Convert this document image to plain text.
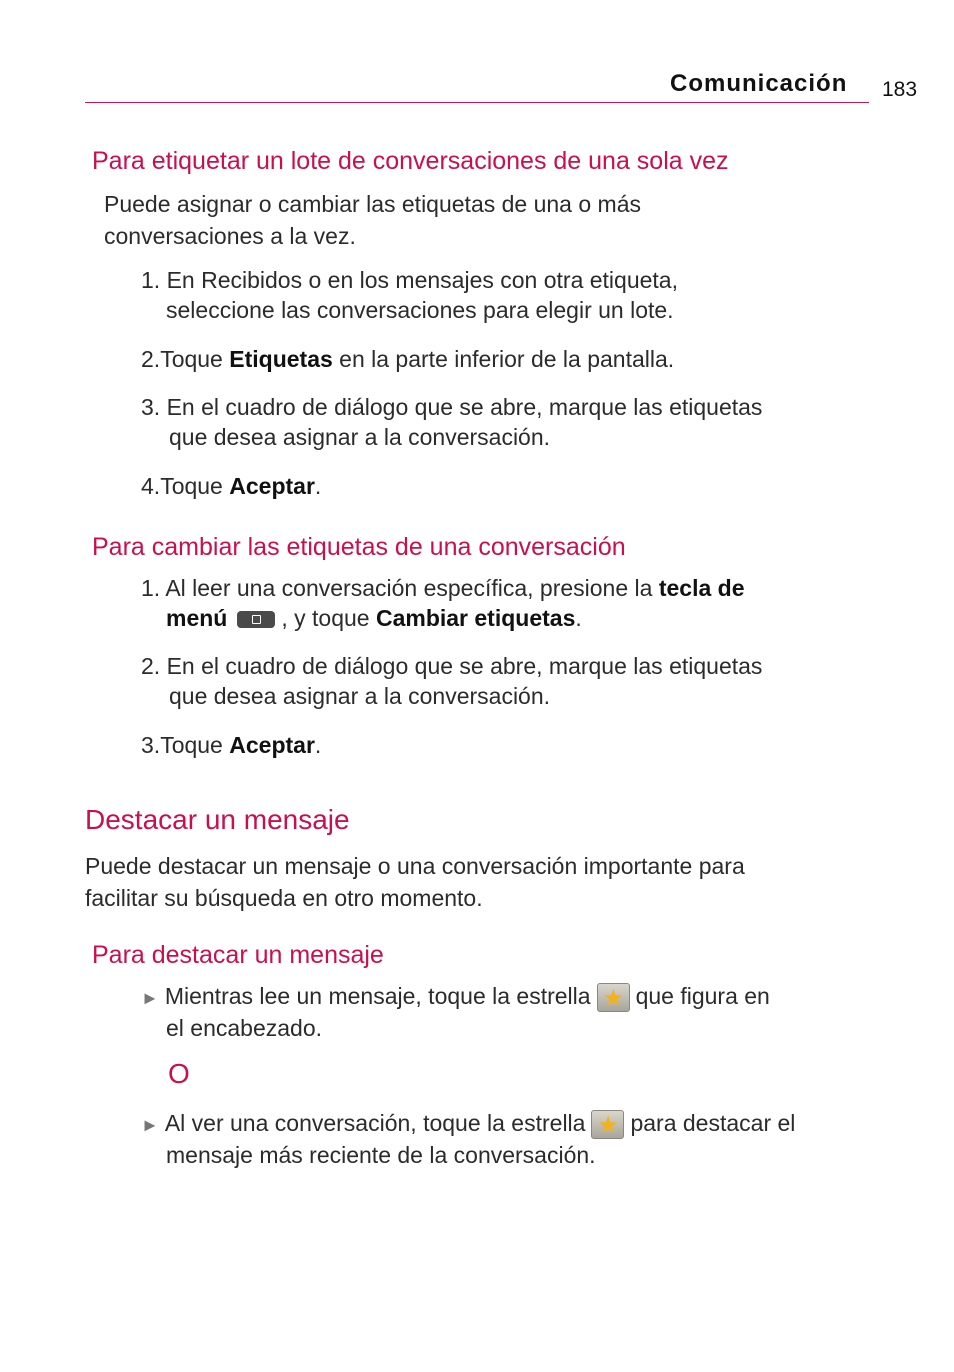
Comunicación 183
Para etiquetar un lote de conversaciones de una sola vez
Puede asignar o cambiar las etiquetas de una o más
conversaciones a la vez.
1. En Recibidos o en los mensajes con otra etiqueta,
seleccione las conversaciones para elegir un lote.
2.Toque Etiquetas en la parte inferior de la pantalla.
3. En el cuadro de diálogo que se abre, marque las etiquetas
que desea asignar a la conversación.
4.Toque Aceptar.
Para cambiar las etiquetas de una conversación
1. Al leer una conversación específica, presione la tecla de
menú , y toque Cambiar etiquetas.
2. En el cuadro de diálogo que se abre, marque las etiquetas
que desea asignar a la conversación.
3.Toque Aceptar.
Destacar un mensaje
Puede destacar un mensaje o una conversación importante para
facilitar su búsqueda en otro momento.
Para destacar un mensaje
► Mientras lee un mensaje, toque la estrella ★ que figura en
el encabezado.
O
► Al ver una conversación, toque la estrella ★ para destacar el
mensaje más reciente de la conversación.
